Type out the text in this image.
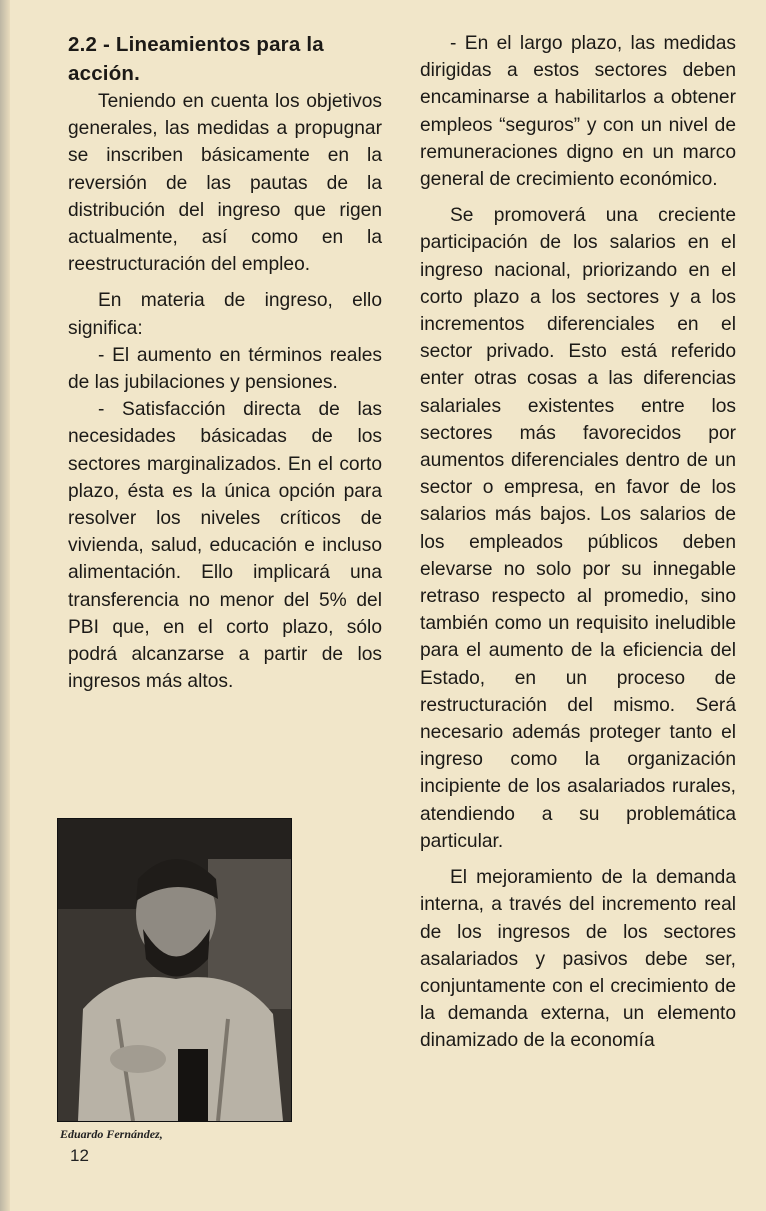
2.2 - Lineamientos para la acción.

Teniendo en cuenta los objetivos generales, las medidas a propugnar se inscriben básicamente en la reversión de las pautas de la distribución del ingreso que rigen actualmente, así como en la reestructuración del empleo.

En materia de ingreso, ello significa:

- El aumento en términos reales de las jubilaciones y pensiones.

- Satisfacción directa de las necesidades básicadas de los sectores marginalizados. En el corto plazo, ésta es la única opción para resolver los niveles críticos de vivienda, salud, educación e incluso alimentación. Ello implicará una transferencia no menor del 5% del PBI que, en el corto plazo, sólo podrá alcanzarse a partir de los ingresos más altos.

- En el largo plazo, las medidas dirigidas a estos sectores deben encaminarse a habilitarlos a obtener empleos “seguros” y con un nivel de remuneraciones digno en un marco general de crecimiento económico.

Se promoverá una creciente participación de los salarios en el ingreso nacional, priorizando en el corto plazo a los sectores y a los incrementos diferenciales en el sector privado. Esto está referido enter otras cosas a las diferencias salariales existentes entre los sectores más favorecidos por aumentos diferenciales dentro de un sector o empresa, en favor de los salarios más bajos. Los salarios de los empleados públicos deben elevarse no solo por su innegable retraso respecto al promedio, sino también como un requisito ineludible para el aumento de la eficiencia del Estado, en un proceso de restructuración del mismo. Será necesario además proteger tanto el ingreso como la organización incipiente de los asalariados rurales, atendiendo a su problemática particular.

El mejoramiento de la demanda interna, a través del incremento real de los ingresos de los sectores asalariados y pasivos debe ser, conjuntamente con el crecimiento de la demanda externa, un elemento dinamizado de la economía

Eduardo Fernández,
12
